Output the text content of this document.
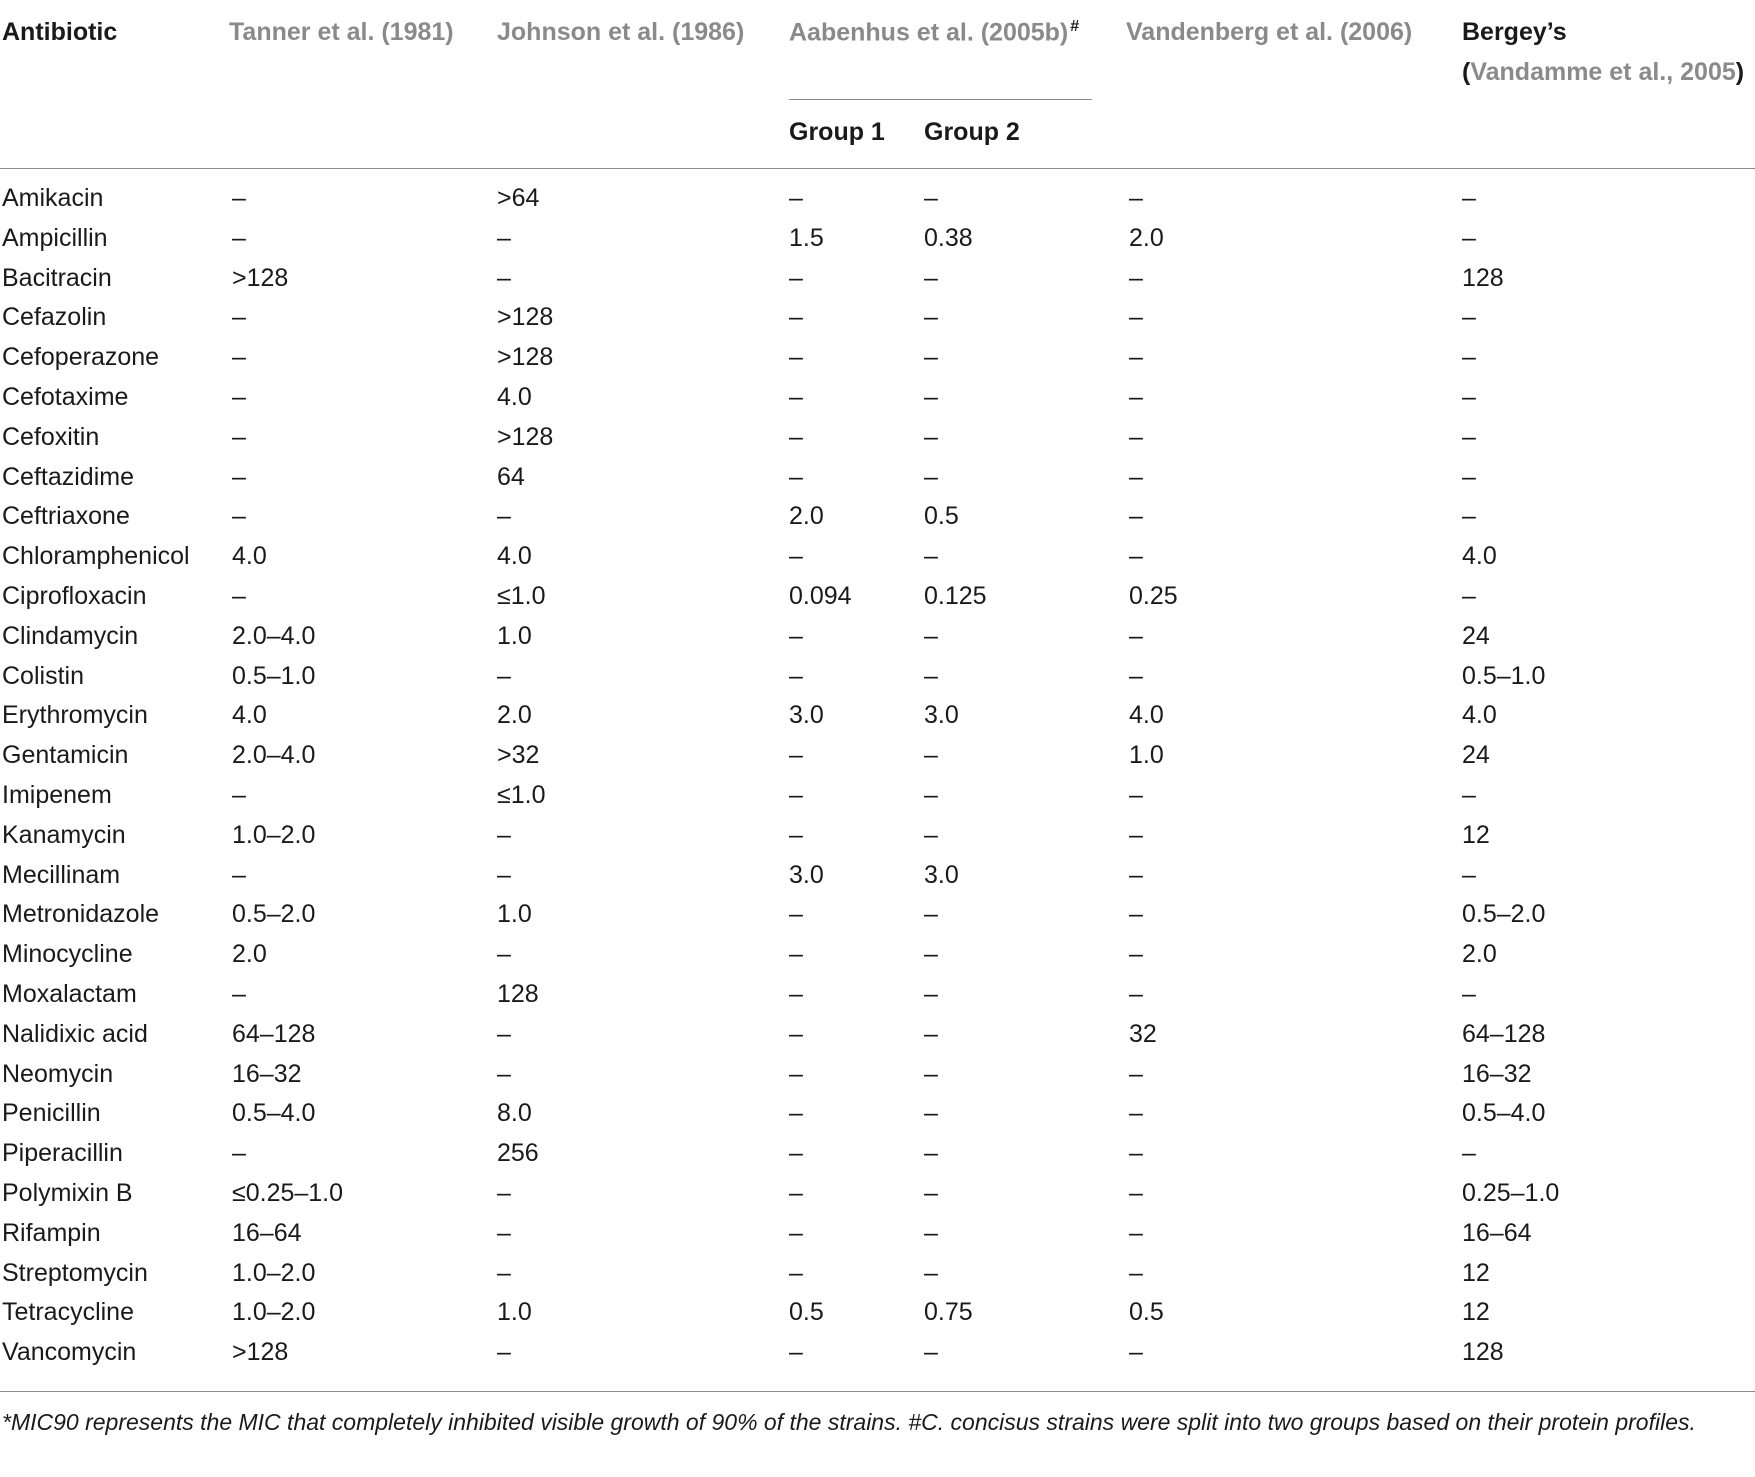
Antibiotic	Tanner et al. (1981) Johnson et al. (1986) Aabenhus et al. (2005b) # Vandenberg et al. (2006) Bergey’s
(Vandamme et al., 2005)
Group 1 Group 2
Amikacin	–	>64	–	–	–	–
Ampicillin	–	–	1.5	0.38	2.0	–
Bacitracin	>128	–	–	–	–	128
Cefazolin	–	>128	–	–	–	–
Cefoperazone	–	>128	–	–	–	–
Cefotaxime	–	4.0	–	–	–	–
Cefoxitin	–	>128	–	–	–	–
Ceftazidime	–	64	–	–	–	–
Ceftriaxone	–	–	2.0	0.5	–	–
Chloramphenicol 4.0	4.0	–	–	–	4.0
Ciprofloxacin	–	≤1.0	0.094	0.125	0.25	–
Clindamycin	2.0–4.0	1.0	–	–	–	24
Colistin	0.5–1.0	–	–	–	–	0.5–1.0
Erythromycin	4.0	2.0	3.0	3.0	4.0	4.0
Gentamicin	2.0–4.0	>32	–	–	1.0	24
Imipenem	–	≤1.0	–	–	–	–
Kanamycin	1.0–2.0	–	–	–	–	12
Mecillinam	–	–	3.0	3.0	–	–
Metronidazole	0.5–2.0	1.0	–	–	–	0.5–2.0
Minocycline	2.0	–	–	–	–	2.0
Moxalactam	–	128	–	–	–	–
Nalidixic acid	64–128	–	–	–	32	64–128
Neomycin	16–32	–	–	–	–	16–32
Penicillin	0.5–4.0	8.0	–	–	–	0.5–4.0
Piperacillin	–	256	–	–	–	–
Polymixin B	≤0.25–1.0	–	–	–	–	0.25–1.0
Rifampin	16–64	–	–	–	–	16–64
Streptomycin	1.0–2.0	–	–	–	–	12
Tetracycline	1.0–2.0	1.0	0.5	0.75	0.5	12
Vancomycin	>128	–	–	–	–	128
*MIC90 represents the MIC that completely inhibited visible growth of 90% of the strains. #C. concisus strains were split into two groups based on their protein profiles.
